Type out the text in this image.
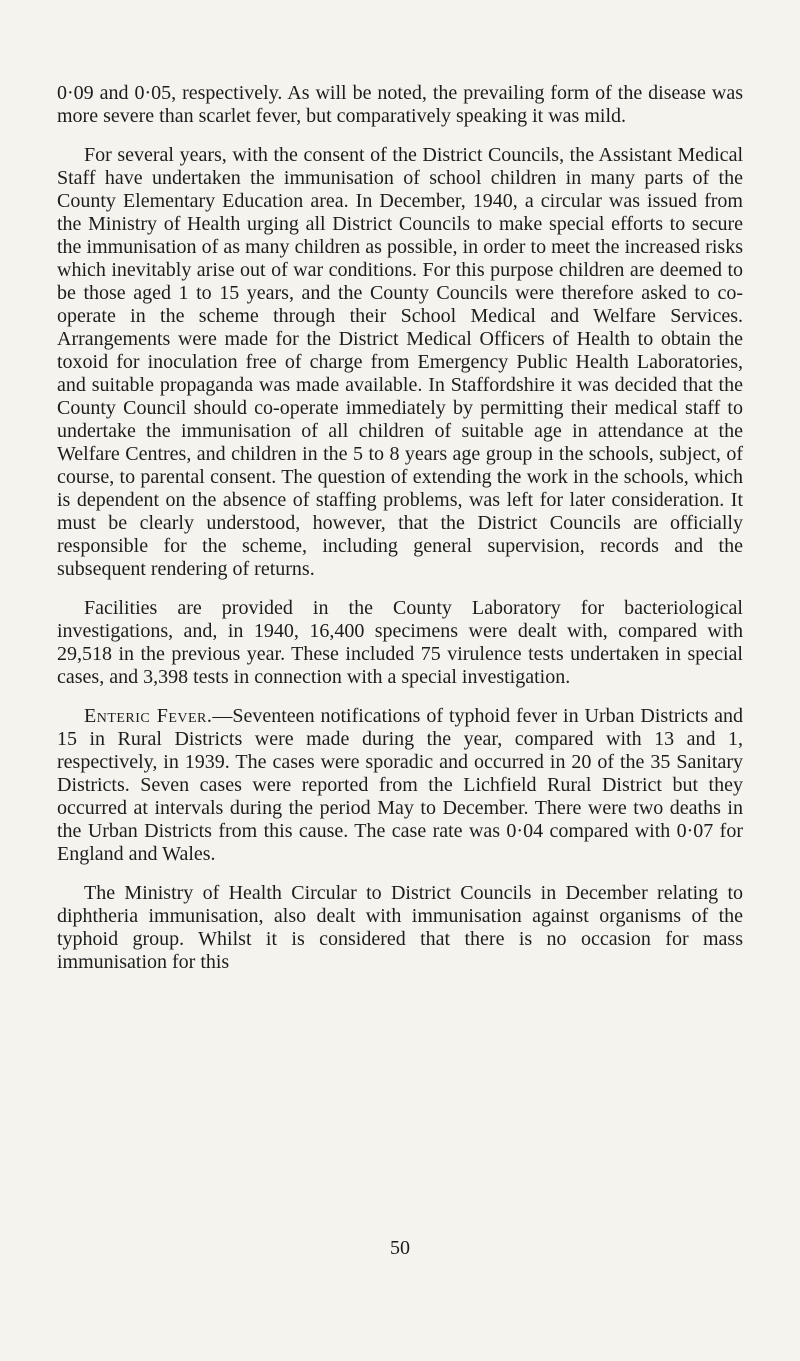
0·09 and 0·05, respectively. As will be noted, the prevailing form of the disease was more severe than scarlet fever, but comparatively speaking it was mild.

For several years, with the consent of the District Councils, the Assistant Medical Staff have undertaken the immunisation of school children in many parts of the County Elementary Education area. In December, 1940, a circular was issued from the Ministry of Health urging all District Councils to make special efforts to secure the immunisation of as many children as possible, in order to meet the increased risks which inevitably arise out of war conditions. For this purpose children are deemed to be those aged 1 to 15 years, and the County Councils were therefore asked to co-operate in the scheme through their School Medical and Welfare Services. Arrangements were made for the District Medical Officers of Health to obtain the toxoid for inoculation free of charge from Emergency Public Health Laboratories, and suitable propaganda was made available. In Staffordshire it was decided that the County Council should co-operate immediately by permitting their medical staff to undertake the immunisation of all children of suitable age in attendance at the Welfare Centres, and children in the 5 to 8 years age group in the schools, subject, of course, to parental consent. The question of extending the work in the schools, which is dependent on the absence of staffing problems, was left for later consideration. It must be clearly understood, however, that the District Councils are officially responsible for the scheme, including general supervision, records and the subsequent rendering of returns.

Facilities are provided in the County Laboratory for bacteriological investigations, and, in 1940, 16,400 specimens were dealt with, compared with 29,518 in the previous year. These included 75 virulence tests undertaken in special cases, and 3,398 tests in connection with a special investigation.

Enteric Fever.—Seventeen notifications of typhoid fever in Urban Districts and 15 in Rural Districts were made during the year, compared with 13 and 1, respectively, in 1939. The cases were sporadic and occurred in 20 of the 35 Sanitary Districts. Seven cases were reported from the Lichfield Rural District but they occurred at intervals during the period May to December. There were two deaths in the Urban Districts from this cause. The case rate was 0·04 compared with 0·07 for England and Wales.

The Ministry of Health Circular to District Councils in December relating to diphtheria immunisation, also dealt with immunisation against organisms of the typhoid group. Whilst it is considered that there is no occasion for mass immunisation for this

50
